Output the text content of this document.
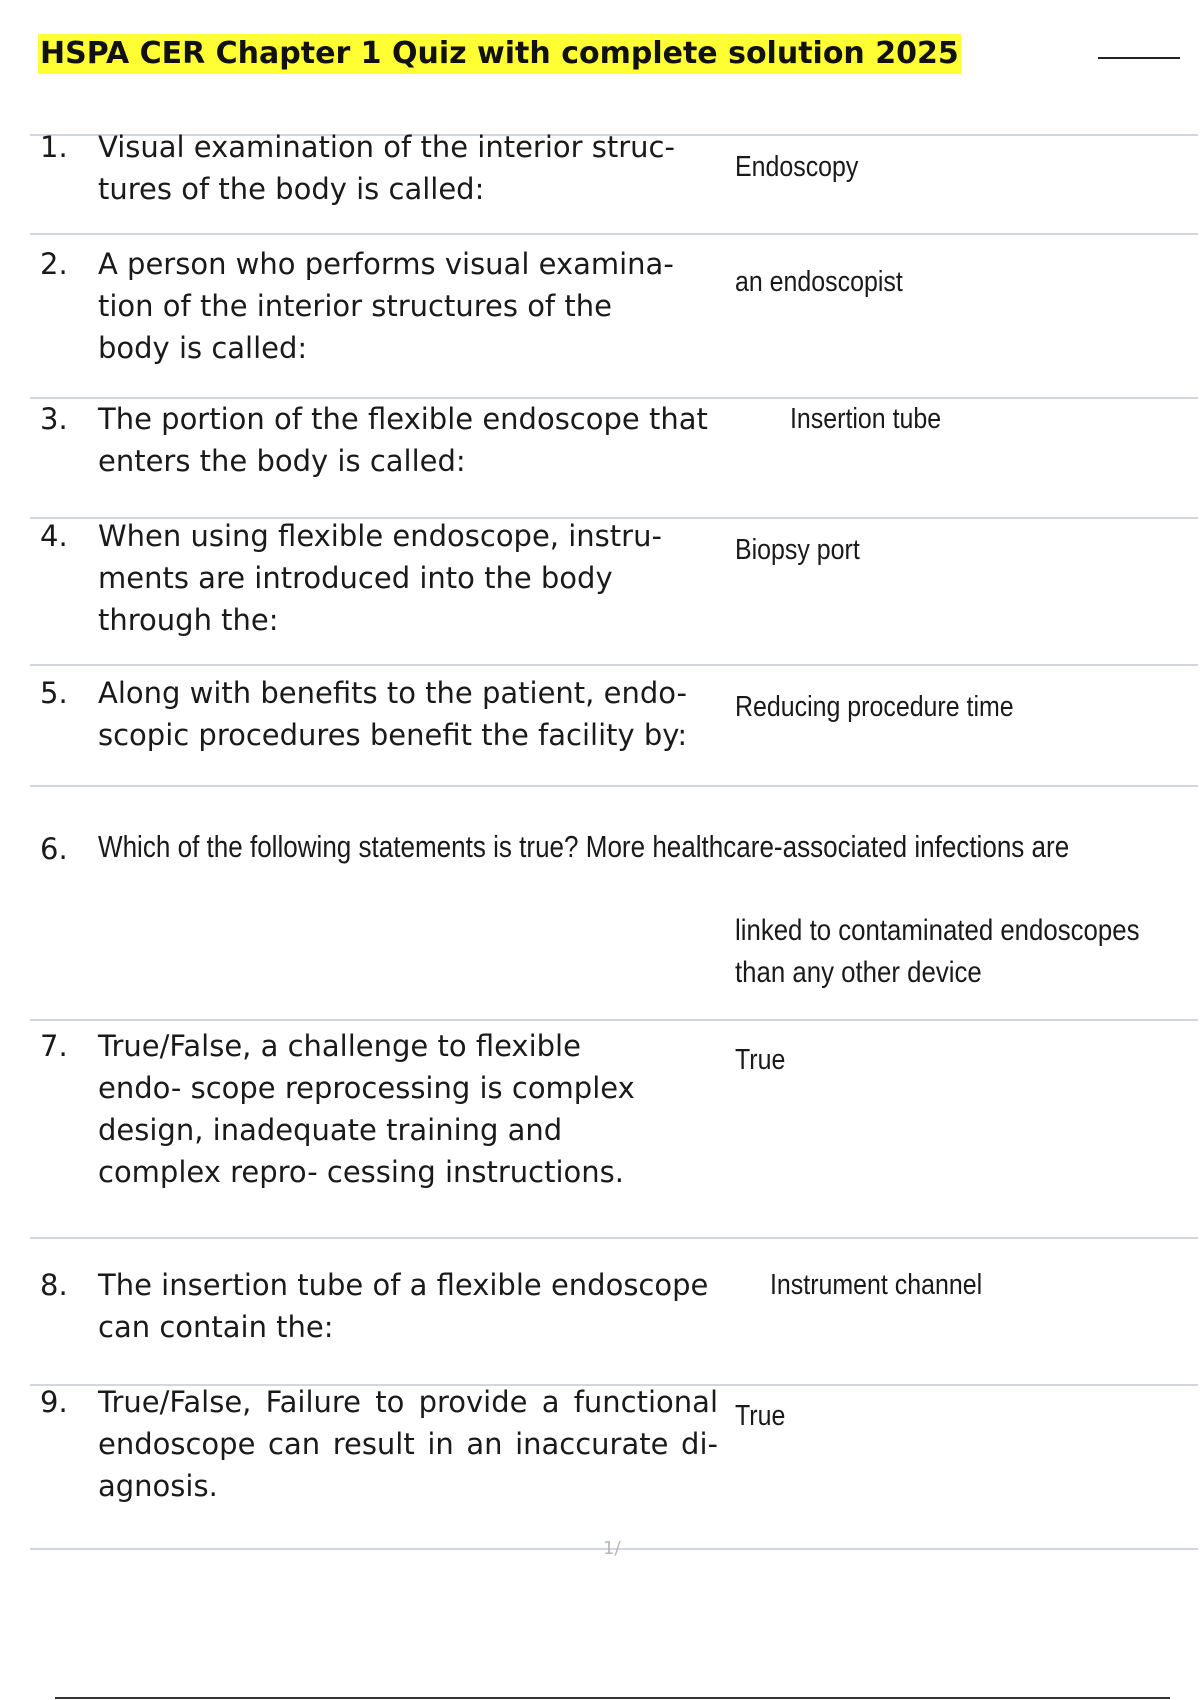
HSPA CER Chapter 1 Quiz with complete solution 2025
1. Visual examination of the interior struc- tures of the body is called:
Endoscopy
2. A person who performs visual examina- tion of the interior structures of the body is called:
an endoscopist
3. The portion of the flexible endoscope that enters the body is called:
Insertion tube
4. When using flexible endoscope, instru- ments are introduced into the body through the:
Biopsy port
5. Along with benefits to the patient, endo- scopic procedures benefit the facility by:
Reducing procedure time
6. Which of the following statements is true? More healthcare-associated infections are
linked to contaminated endoscopes than any other device
7. True/False, a challenge to flexible endo- scope reprocessing is complex design, inadequate training and complex repro- cessing instructions.
True
8. The insertion tube of a flexible endoscope can contain the:
Instrument channel
9. True/False, Failure to provide a functional endoscope can result in an inaccurate di- agnosis.
True
1/
